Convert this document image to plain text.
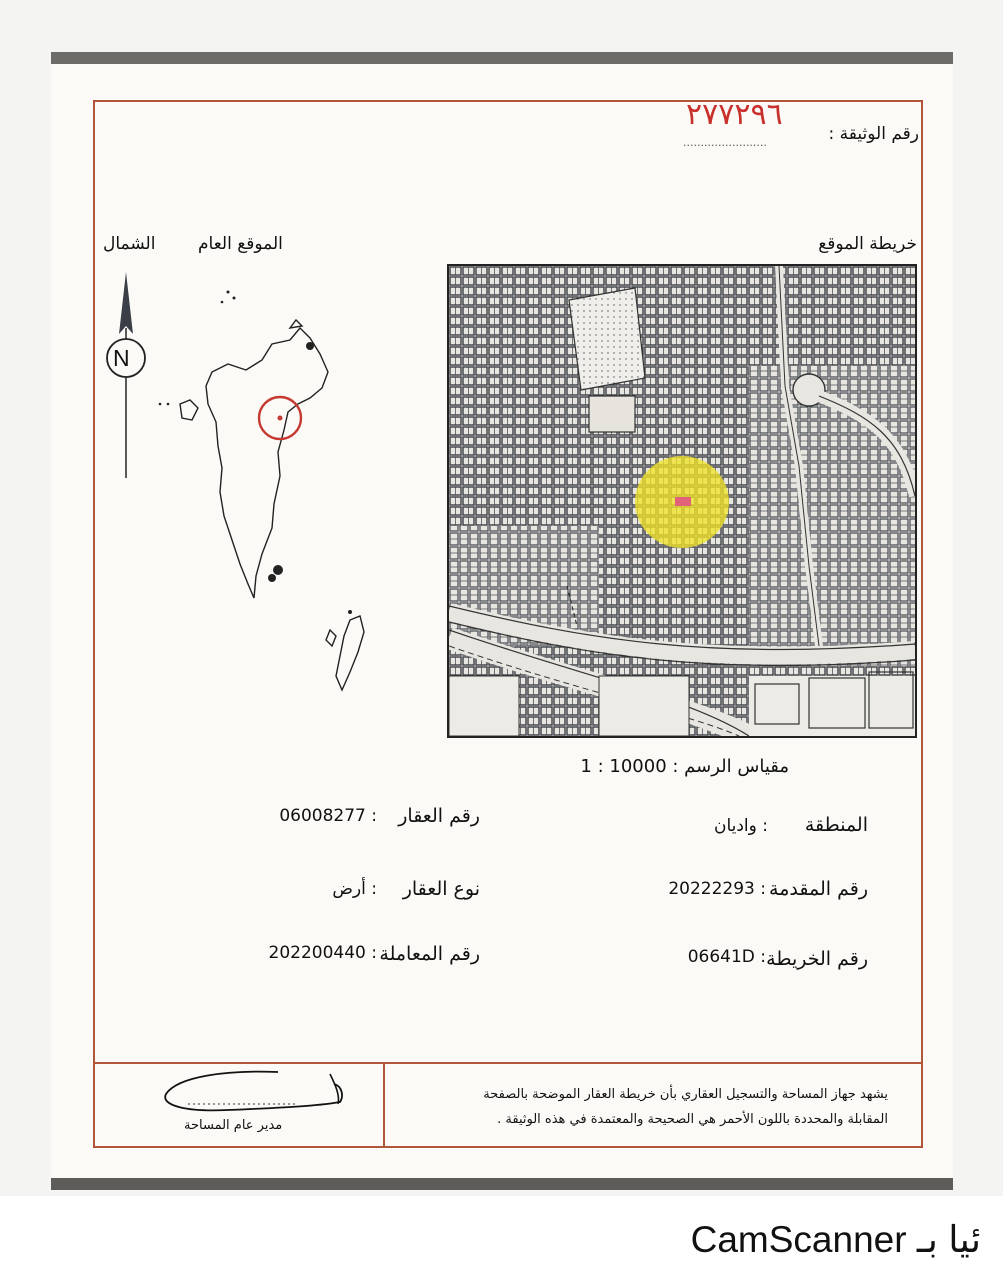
رقم الوثيقة :
........................
٢٧٧٢٩٦
خريطة الموقع
الموقع العام
الشمال
N
مقياس الرسم : 10000 : 1
المنطقة
: واديان
رقم المقدمة
: 20222293
رقم الخريطة
: 06641D
رقم العقار
: 06008277
نوع العقار
: أرض
رقم المعاملة
: 202200440
يشهد جهاز المساحة والتسجيل العقاري بأن خريطة العقار الموضحة بالصفحة
المقابلة والمحددة باللون الأحمر هي الصحيحة والمعتمدة في هذه الوثيقة .
مدير عام المساحة
ئيا بـ CamScanner
